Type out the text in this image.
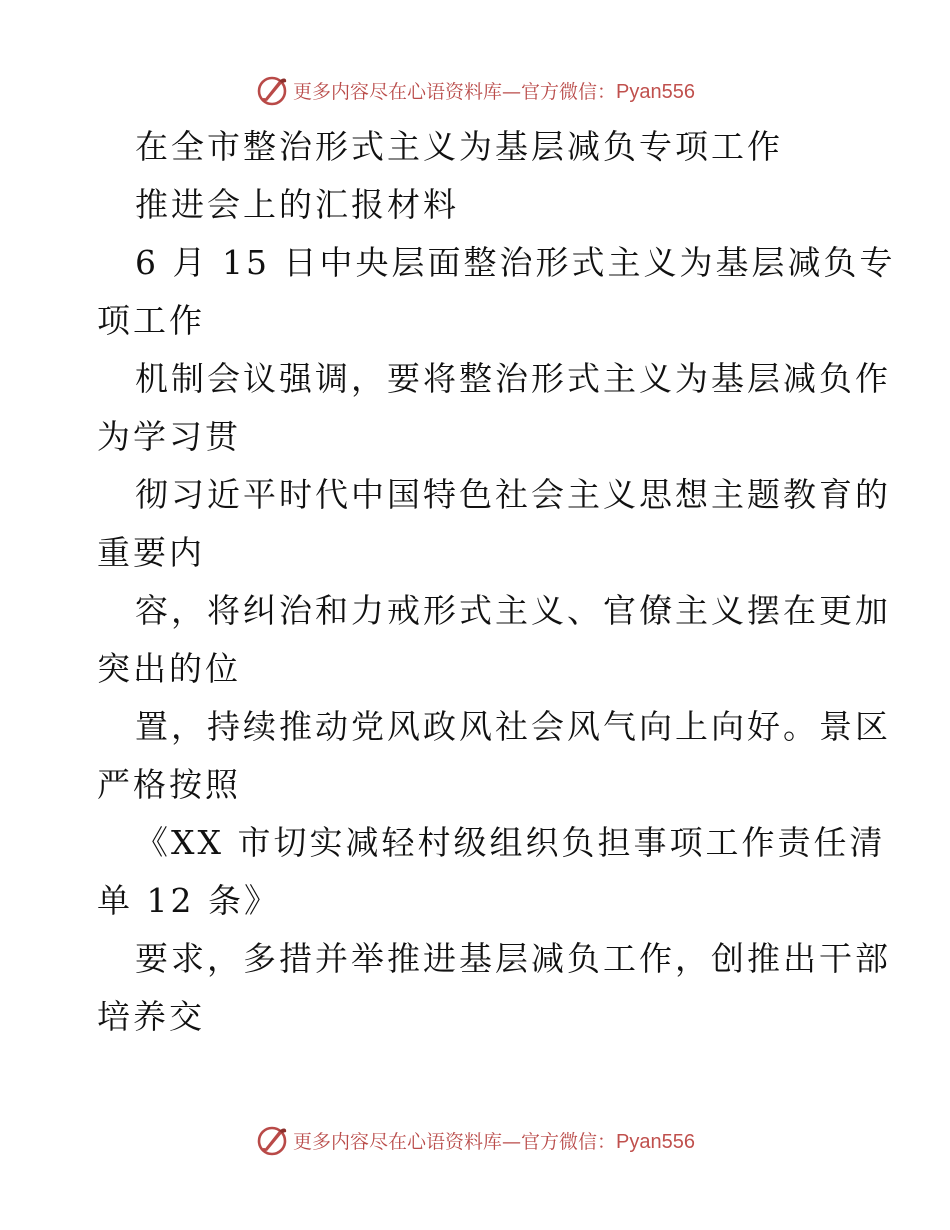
更多内容尽在心语资料库—官方微信：Pyan556
在全市整治形式主义为基层减负专项工作
推进会上的汇报材料
6 月 15 日中央层面整治形式主义为基层减负专
项工作
机制会议强调，要将整治形式主义为基层减负作
为学习贯
彻习近平时代中国特色社会主义思想主题教育的
重要内
容，将纠治和力戒形式主义、官僚主义摆在更加
突出的位
置，持续推动党风政风社会风气向上向好。景区
严格按照
《XX 市切实减轻村级组织负担事项工作责任清
单 12 条》
要求，多措并举推进基层减负工作，创推出干部
培养交
更多内容尽在心语资料库—官方微信：Pyan556
